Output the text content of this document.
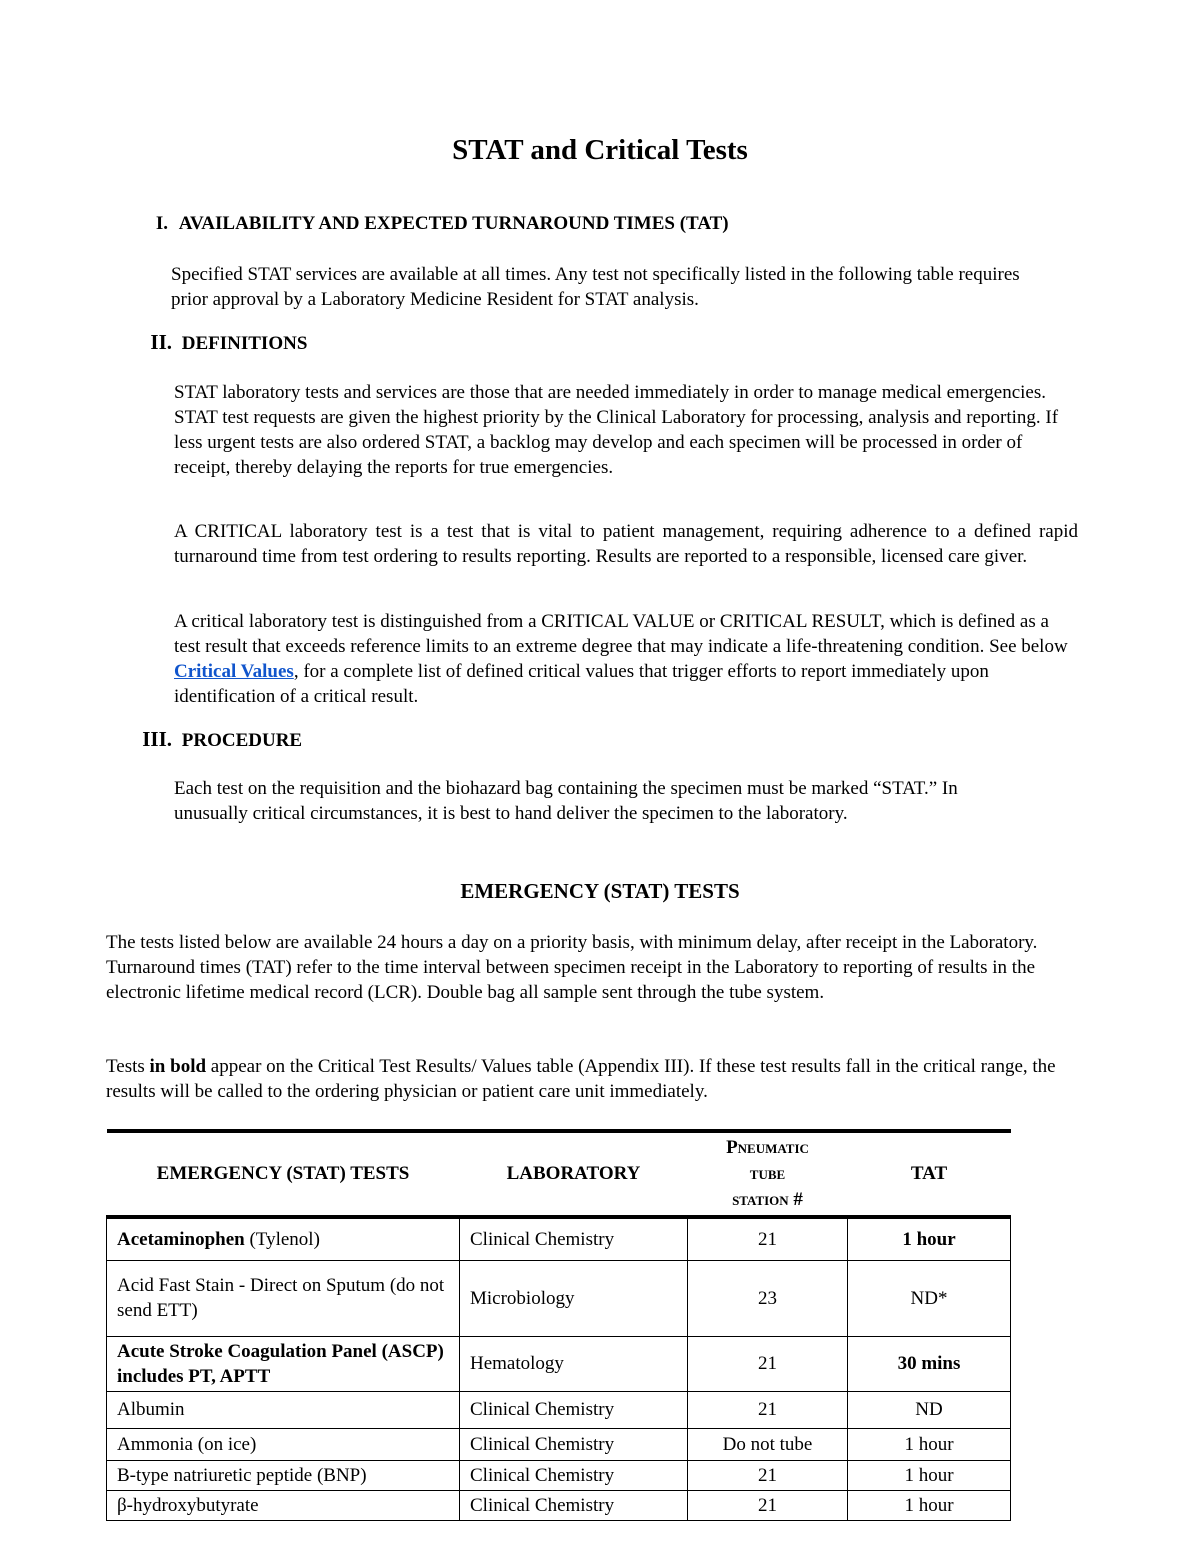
STAT and Critical Tests
I. AVAILABILITY AND EXPECTED TURNAROUND TIMES (TAT)

Specified STAT services are available at all times. Any test not specifically listed in the following table requires prior approval by a Laboratory Medicine Resident for STAT analysis.

II. DEFINITIONS

STAT laboratory tests and services are those that are needed immediately in order to manage medical emergencies. STAT test requests are given the highest priority by the Clinical Laboratory for processing, analysis and reporting. If less urgent tests are also ordered STAT, a backlog may develop and each specimen will be processed in order of receipt, thereby delaying the reports for true emergencies.

A CRITICAL laboratory test is a test that is vital to patient management, requiring adherence to a defined rapid turnaround time from test ordering to results reporting. Results are reported to a responsible, licensed care giver.

A critical laboratory test is distinguished from a CRITICAL VALUE or CRITICAL RESULT, which is defined as a test result that exceeds reference limits to an extreme degree that may indicate a life-threatening condition. See below Critical Values, for a complete list of defined critical values that trigger efforts to report immediately upon identification of a critical result.

III. PROCEDURE

Each test on the requisition and the biohazard bag containing the specimen must be marked “STAT.” In unusually critical circumstances, it is best to hand deliver the specimen to the laboratory.

EMERGENCY (STAT) TESTS

The tests listed below are available 24 hours a day on a priority basis, with minimum delay, after receipt in the Laboratory. Turnaround times (TAT) refer to the time interval between specimen receipt in the Laboratory to reporting of results in the electronic lifetime medical record (LCR). Double bag all sample sent through the tube system.

Tests in bold appear on the Critical Test Results/ Values table (Appendix III). If these test results fall in the critical range, the results will be called to the ordering physician or patient care unit immediately.

EMERGENCY (STAT) TESTS	LABORATORY	Pneumatic
tube
station #	TAT
Acetaminophen (Tylenol)	Clinical Chemistry	21	1 hour
Acid Fast Stain - Direct on Sputum (do not send ETT)	Microbiology	23	ND*
Acute Stroke Coagulation Panel (ASCP) includes PT, APTT	Hematology	21	30 mins
Albumin	Clinical Chemistry	21	ND
Ammonia (on ice)	Clinical Chemistry	Do not tube	1 hour
B-type natriuretic peptide (BNP)	Clinical Chemistry	21	1 hour
β-hydroxybutyrate	Clinical Chemistry	21	1 hour
